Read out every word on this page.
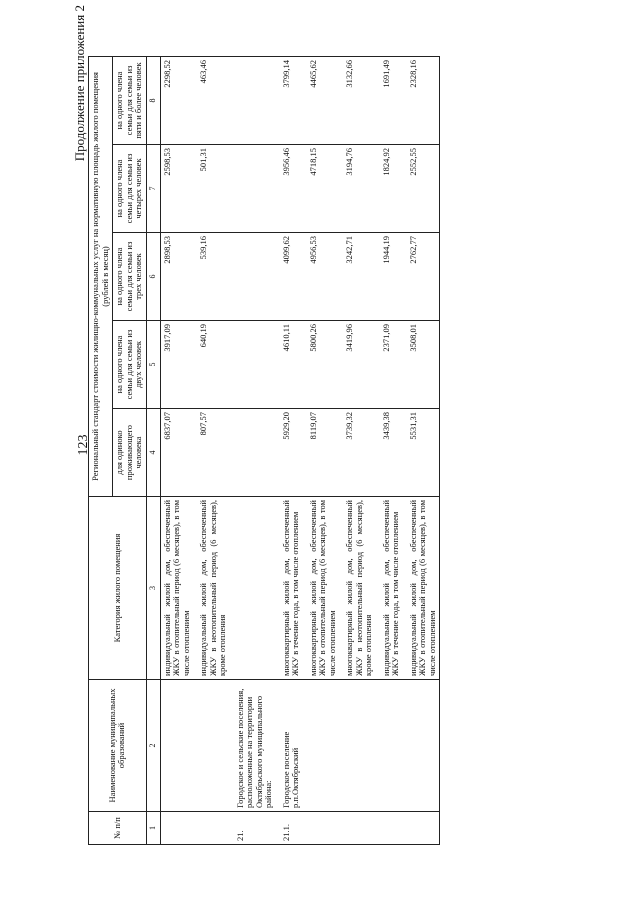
123
Продолжение приложения 2
№ п/п	Наименование муниципальных образований	Категория жилого помещения	Региональный стандарт стоимости жилищно-коммунальных услуг на нормативную площадь жилого помещения (рублей в месяц)				
			для одиноко проживающего человека	на одного члена семьи для семьи из двух человек	на одного члена семьи для семьи из трех человек	на одного члена семьи для семьи из четырех человек	на одного члена семьи для семьи из пяти и более человек
1	2	3	4	5	6	7	8
		индивидуальный жилой дом, обеспеченный ЖКУ в отопительный период (6 месяцев), в том числе отоплением	6837,07	3917,09	2898,53	2598,53	2298,52
		индивидуальный жилой дом, обеспеченный ЖКУ в неотопительный период (6 месяцев), кроме отопления	807,57	640,19	539,16	501,31	463,46
21.	Городское и сельские поселения, расположенные на территории Октябрьского муниципального района:						
21.1.	Городское поселение р.п.Октябрьский	многоквартирный жилой дом, обеспеченный ЖКУ в течение года, в том числе отоплением	5929,20	4610,11	4099,62	3956,46	3799,14
		многоквартирный жилой дом, обеспеченный ЖКУ в отопительный период (6 месяцев), в том числе отоплением	8119,07	5800,26	4956,53	4718,15	4465,62
		многоквартирный жилой дом, обеспеченный ЖКУ в неотопительный период (6 месяцев), кроме отопления	3739,32	3419,96	3242,71	3194,76	3132,66
		индивидуальный жилой дом, обеспеченный ЖКУ в течение года, в том числе отоплением	3439,38	2371,09	1944,19	1824,92	1691,49
		индивидуальный жилой дом, обеспеченный ЖКУ в отопительный период (6 месяцев), в том числе отоплением	5531,31	3508,01	2762,77	2552,55	2328,16
